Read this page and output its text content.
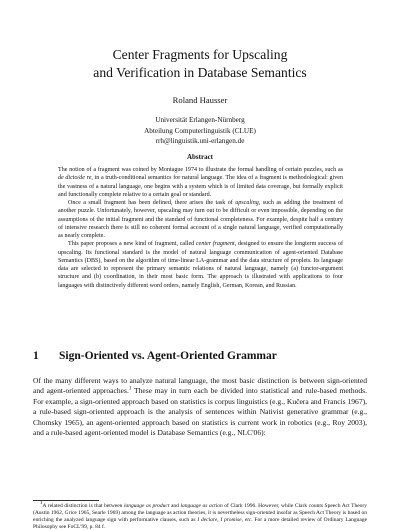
Center Fragments for Upscaling
and Verification in Database Semantics
Roland Hausser
Universität Erlangen-Nürnberg
Abteilung Computerlinguistik (CLUE)
rrh@linguistik.uni-erlangen.de
Abstract

The notion of a fragment was coined by Montague 1974 to illustrate the formal handling of certain puzzles, such as de dicto/de re, in a truth-conditional semantics for natural language. The idea of a fragment is methodological: given the vastness of a natural language, one begins with a system which is of limited data coverage, but formally explicit and functionally complete relative to a certain goal or standard.

Once a small fragment has been defined, there arises the task of upscaling, such as adding the treatment of another puzzle. Unfortunately, however, upscaling may turn out to be difficult or even impossible, depending on the assumptions of the initial fragment and the standard of functional completeness. For example, despite half a century of intensive research there is still no coherent formal account of a single natural language, verified computationally as nearly complete.

This paper proposes a new kind of fragment, called center fragment, designed to ensure the longterm success of upscaling. Its functional standard is the model of natural language communication of agent-oriented Database Semantics (DBS), based on the algorithm of time-linear LA-grammar and the data structure of proplets. Its language data are selected to represent the primary semantic relations of natural language, namely (a) functor-argument structure and (b) coordination, in their most basic form. The approach is illustrated with applications to four languages with distinctively different word orders, namely English, German, Korean, and Russian.

1 Sign-Oriented vs. Agent-Oriented Grammar

Of the many different ways to analyze natural language, the most basic distinction is between sign-oriented and agent-oriented approaches.$^1$ These may in turn each be divided into statistical and rule-based methods. For example, a sign-oriented approach based on statistics is corpus linguistics (e.g., Kučera and Francis 1967), a rule-based sign-oriented approach is the analysis of sentences within Nativist generative grammar (e.g., Chomsky 1965), an agent-oriented approach based on statistics is current work in robotics (e.g., Roy 2003), and a rule-based agent-oriented model is Database Semantics (e.g., NLC'06):

$^1$A related distinction is that between language as product and language as action of Clark 1996. However, while Clark counts Speech Act Theory (Austin 1962, Grice 1965, Searle 1969) among the language as action theories, it is nevertheless sign-oriented insofar as Speech Act Theory is based on enriching the analyzed language sign with performative clauses, such as I declare, I promise, etc. For a more detailed review of Ordinary Language Philosophy see FoCL'99, p. 84 f.
